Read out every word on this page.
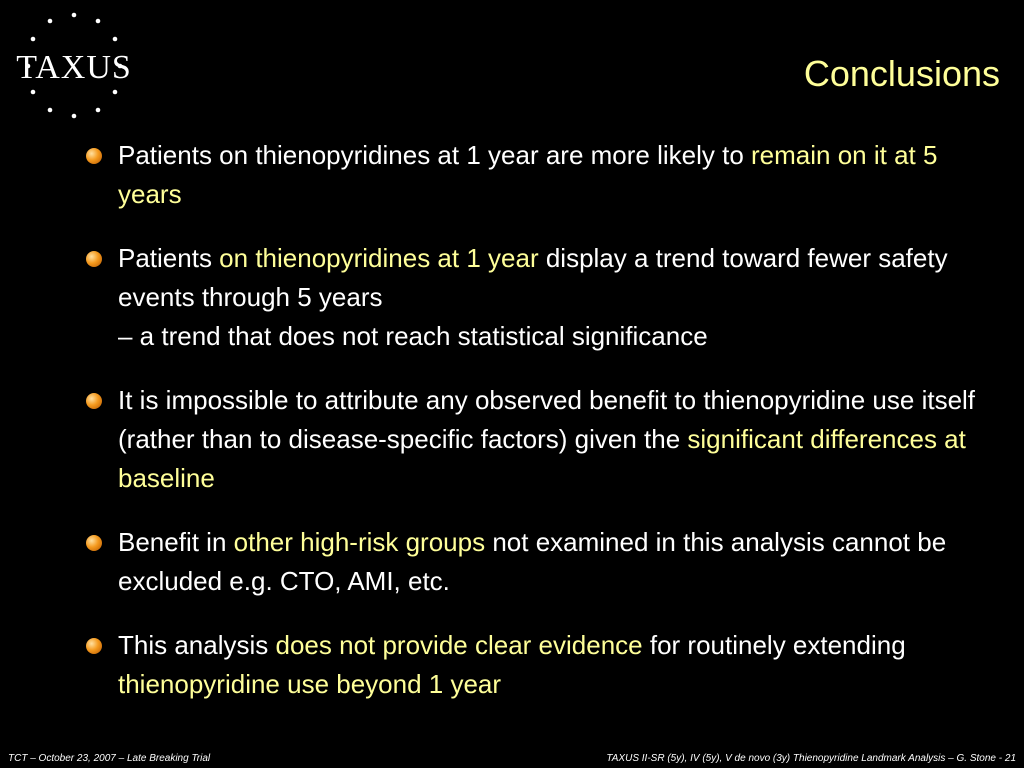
TAXUS	Conclusions
Patients on thienopyridines at 1 year are more likely to remain on it at 5 years
Patients on thienopyridines at 1 year display a trend toward fewer safety events through 5 years
– a trend that does not reach statistical significance
It is impossible to attribute any observed benefit to thienopyridine use itself (rather than to disease-specific factors) given the significant differences at baseline
Benefit in other high-risk groups not examined in this analysis cannot be excluded e.g. CTO, AMI, etc.
This analysis does not provide clear evidence for routinely extending thienopyridine use beyond 1 year
TCT – October 23, 2007 – Late Breaking Trial	TAXUS II-SR (5y), IV (5y), V de novo (3y) Thienopyridine Landmark Analysis – G. Stone - 21
